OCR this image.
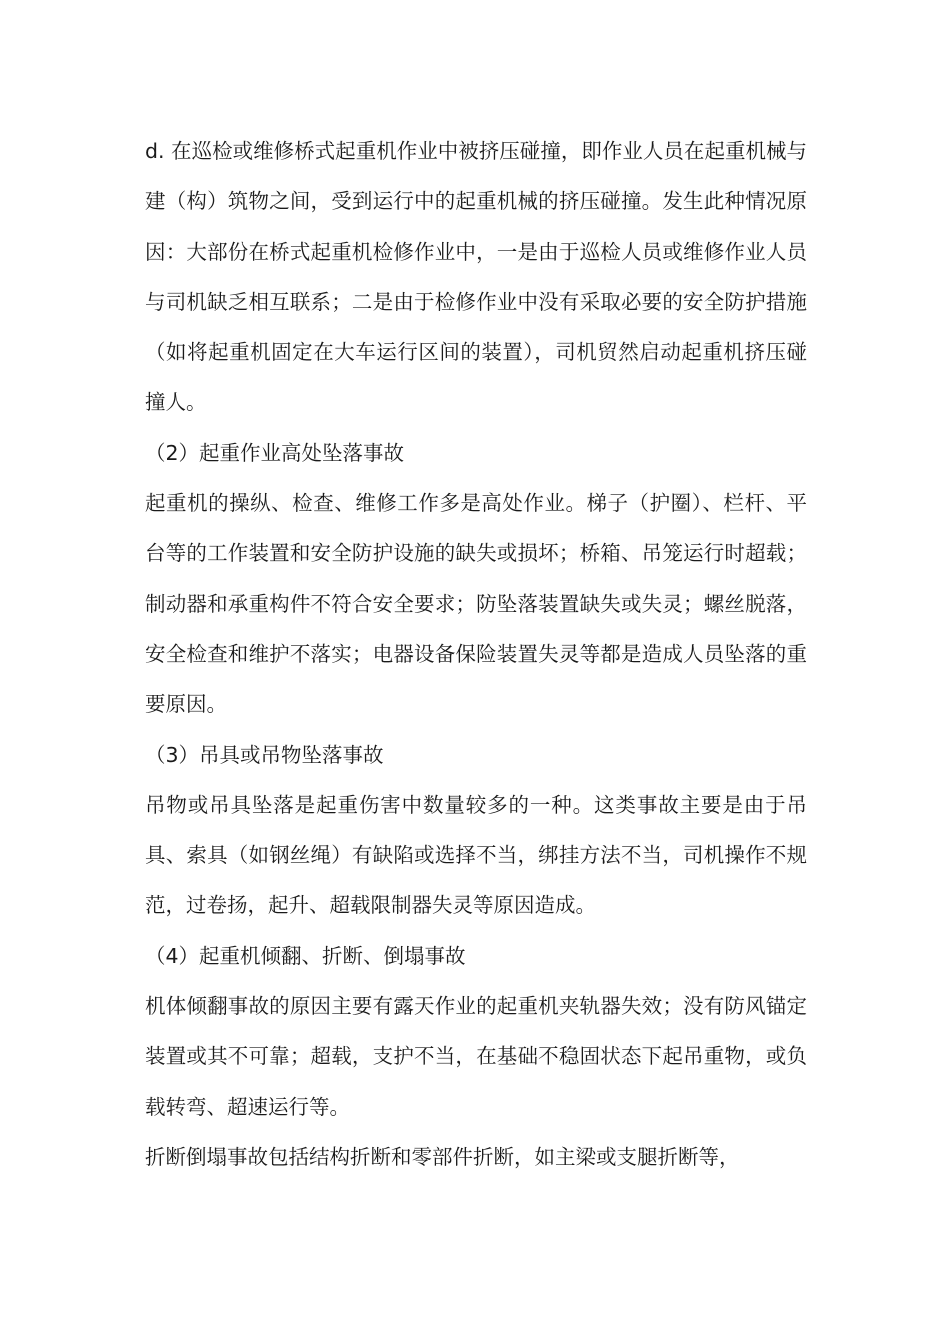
d. 在巡检或维修桥式起重机作业中被挤压碰撞，即作业人员在起重机械与建（构）筑物之间，受到运行中的起重机械的挤压碰撞。发生此种情况原因：大部份在桥式起重机检修作业中，一是由于巡检人员或维修作业人员与司机缺乏相互联系；二是由于检修作业中没有采取必要的安全防护措施（如将起重机固定在大车运行区间的装置），司机贸然启动起重机挤压碰撞人。

（2）起重作业高处坠落事故

起重机的操纵、检查、维修工作多是高处作业。梯子（护圈）、栏杆、平台等的工作装置和安全防护设施的缺失或损坏；桥箱、吊笼运行时超载；制动器和承重构件不符合安全要求；防坠落装置缺失或失灵；螺丝脱落，安全检查和维护不落实；电器设备保险装置失灵等都是造成人员坠落的重要原因。

（3）吊具或吊物坠落事故

吊物或吊具坠落是起重伤害中数量较多的一种。这类事故主要是由于吊具、索具（如钢丝绳）有缺陷或选择不当，绑挂方法不当，司机操作不规范，过卷扬，起升、超载限制器失灵等原因造成。

（4）起重机倾翻、折断、倒塌事故

机体倾翻事故的原因主要有露天作业的起重机夹轨器失效；没有防风锚定装置或其不可靠；超载，支护不当，在基础不稳固状态下起吊重物，或负载转弯、超速运行等。

折断倒塌事故包括结构折断和零部件折断，如主梁或支腿折断等，
